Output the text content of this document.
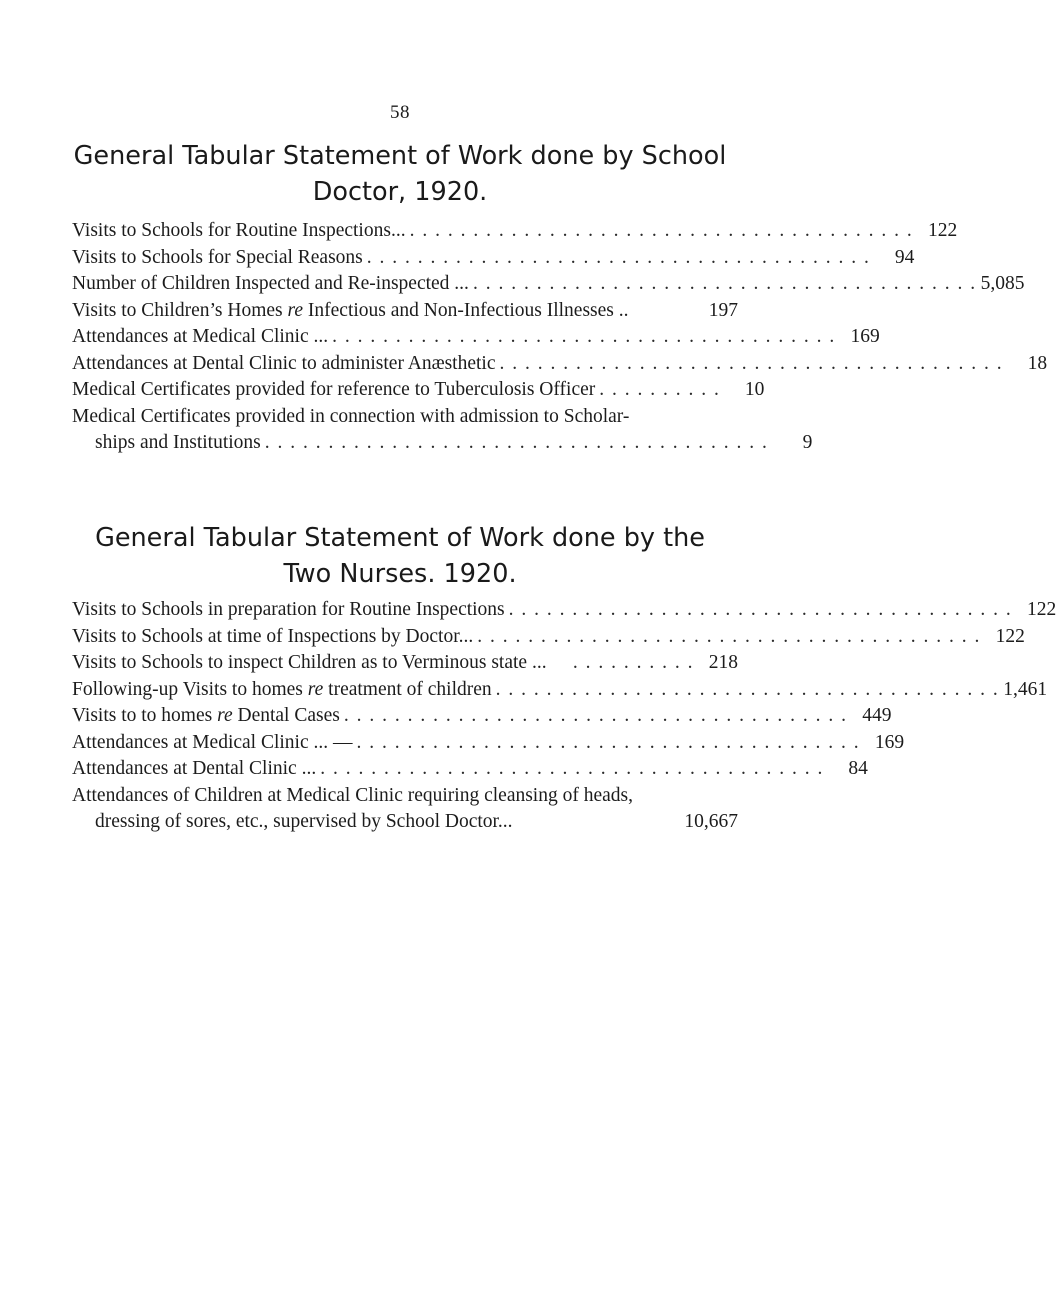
58
General Tabular Statement of Work done by School
Doctor, 1920.
Visits to Schools for Routine Inspections... . . . . . . . . . . . . . . . . . . . . . . . . . . . . . . . . . . . . . . . . 122
Visits to Schools for Special Reasons . . . . . . . . . . . . . . . . . . . . . . . . . . . . . . . . . . . . . . . .	94
Number of Children Inspected and Re-inspected ... . . . . . . . . . . . . . . . . . . . . . . . . . . . . . . . . . . . . . . . . 5,085
Visits to Children’s Homes re Infectious and Non-Infectious Illnesses ..	197
Attendances at Medical Clinic ... . . . . . . . . . . . . . . . . . . . . . . . . . . . . . . . . . . . . . . . . 169
Attendances at Dental Clinic to administer Anæsthetic . . . . . . . . . . . . . . . . . . . . . . . . . . . . . . . . . . . . . . . .	18
Medical Certificates provided for reference to Tuberculosis Officer . . . . . . . . . .	10
Medical Certificates provided in connection with admission to Scholar-
ships and Institutions . . . . . . . . . . . . . . . . . . . . . . . . . . . . . . . . . . . . . . . .	9
General Tabular Statement of Work done by the
Two Nurses. 1920.
Visits to Schools in preparation for Routine Inspections . . . . . . . . . . . . . . . . . . . . . . . . . . . . . . . . . . . . . . . . 122
Visits to Schools at time of Inspections by Doctor... . . . . . . . . . . . . . . . . . . . . . . . . . . . . . . . . . . . . . . . . 122
Visits to Schools to inspect Children as to Verminous state ...	. . . . . . . . . . 218
Following-up Visits to homes re treatment of children . . . . . . . . . . . . . . . . . . . . . . . . . . . . . . . . . . . . . . . . 1,461
Visits to to homes re Dental Cases . . . . . . . . . . . . . . . . . . . . . . . . . . . . . . . . . . . . . . . . 449
Attendances at Medical Clinic ... — . . . . . . . . . . . . . . . . . . . . . . . . . . . . . . . . . . . . . . . . 169
Attendances at Dental Clinic ... . . . . . . . . . . . . . . . . . . . . . . . . . . . . . . . . . . . . . . . .	84
Attendances of Children at Medical Clinic requiring cleansing of heads,
dressing of sores, etc., supervised by School Doctor...	10,667
